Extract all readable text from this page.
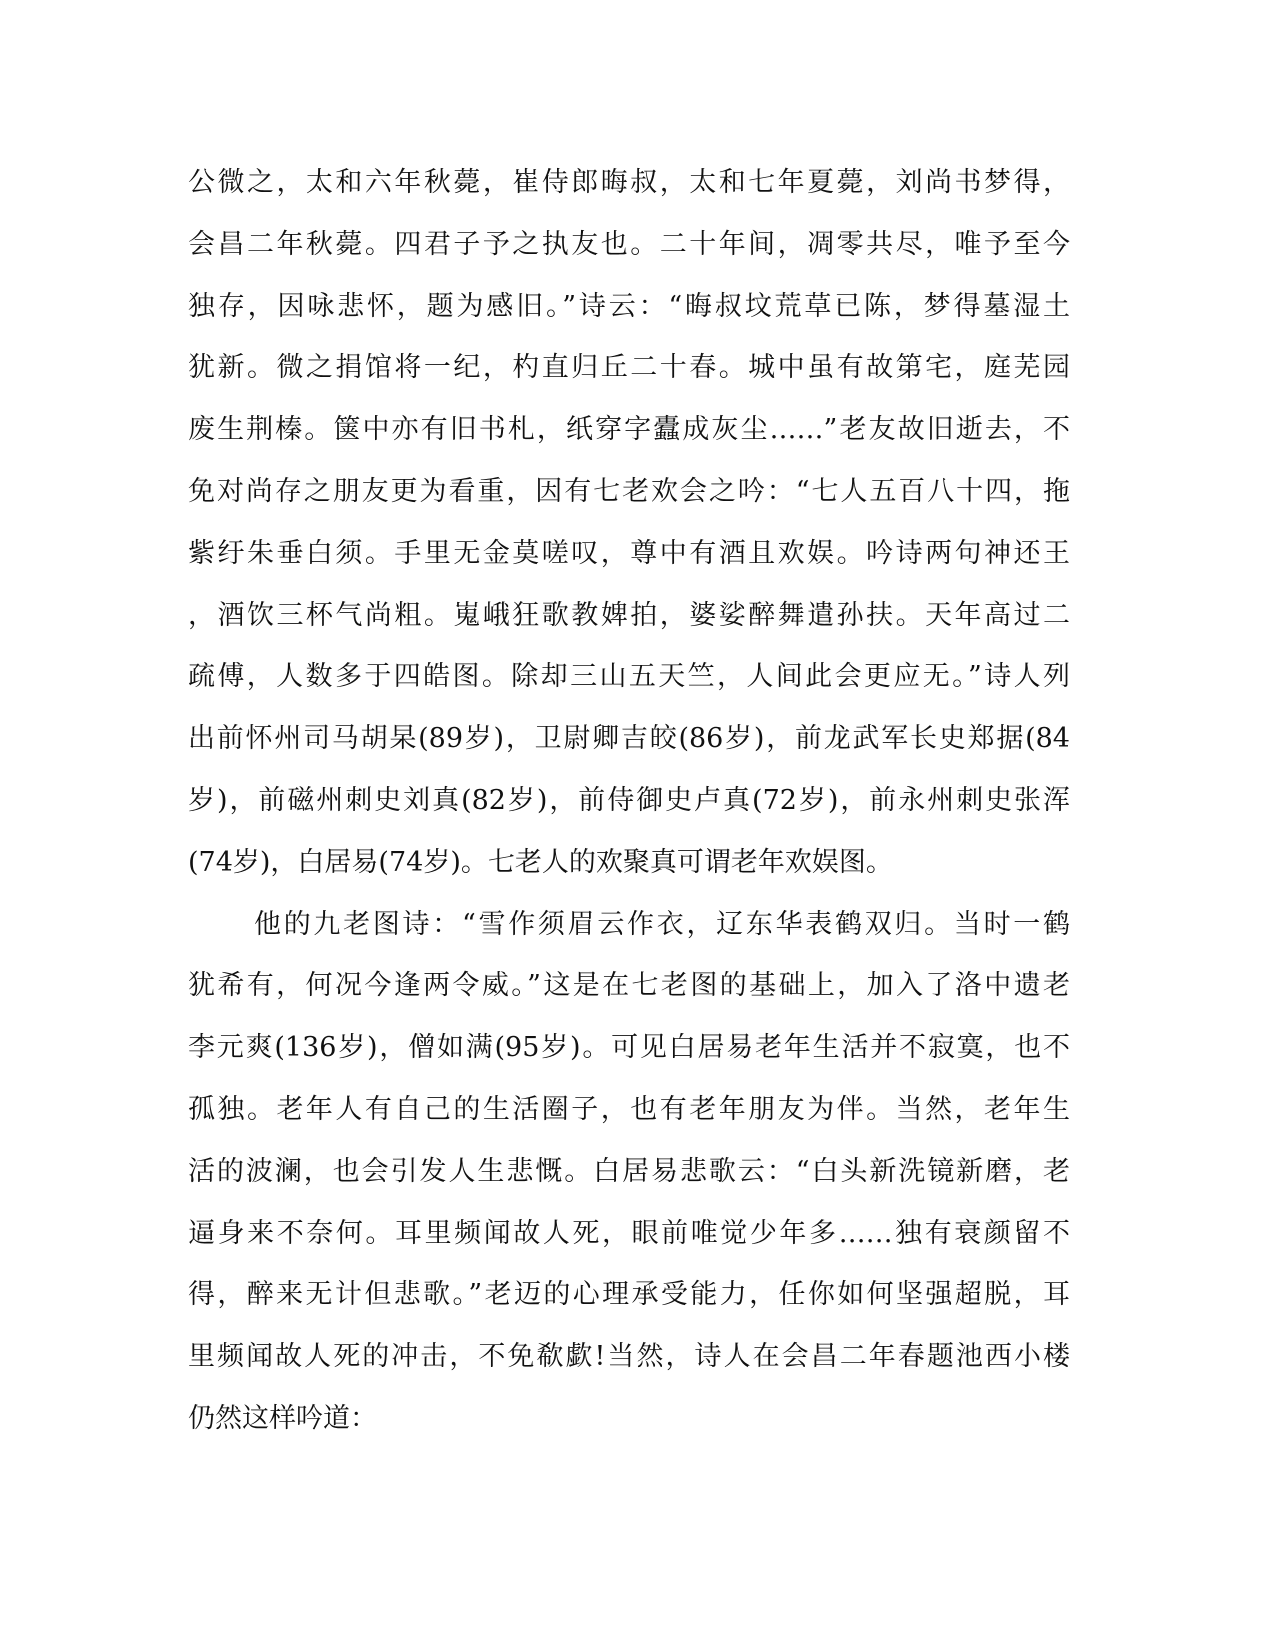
公微之，太和六年秋薨，崔侍郎晦叔，太和七年夏薨，刘尚书梦得，
会昌二年秋薨。四君子予之执友也。二十年间，凋零共尽，唯予至今
独存，因咏悲怀，题为感旧。”诗云：“晦叔坟荒草已陈，梦得墓湿土
犹新。微之捐馆将一纪，杓直归丘二十春。城中虽有故第宅，庭芜园
废生荆榛。箧中亦有旧书札，纸穿字蠹成灰尘……”老友故旧逝去，不
免对尚存之朋友更为看重，因有七老欢会之吟：“七人五百八十四，拖
紫纡朱垂白须。手里无金莫嗟叹，尊中有酒且欢娱。吟诗两句神还王
，酒饮三杯气尚粗。嵬峨狂歌教婢拍，婆娑醉舞遣孙扶。天年高过二
疏傅，人数多于四皓图。除却三山五天竺，人间此会更应无。”诗人列
出前怀州司马胡杲(89岁)，卫尉卿吉皎(86岁)，前龙武军长史郑据(84
岁)，前磁州刺史刘真(82岁)，前侍御史卢真(72岁)，前永州刺史张浑
(74岁)，白居易(74岁)。七老人的欢聚真可谓老年欢娱图。
他的九老图诗：“雪作须眉云作衣，辽东华表鹤双归。当时一鹤
犹希有，何况今逢两令威。”这是在七老图的基础上，加入了洛中遗老
李元爽(136岁)，僧如满(95岁)。可见白居易老年生活并不寂寞，也不
孤独。老年人有自己的生活圈子，也有老年朋友为伴。当然，老年生
活的波澜，也会引发人生悲慨。白居易悲歌云：“白头新洗镜新磨，老
逼身来不奈何。耳里频闻故人死，眼前唯觉少年多……独有衰颜留不
得，醉来无计但悲歌。”老迈的心理承受能力，任你如何坚强超脱，耳
里频闻故人死的冲击，不免欷歔!当然，诗人在会昌二年春题池西小楼
仍然这样吟道：
